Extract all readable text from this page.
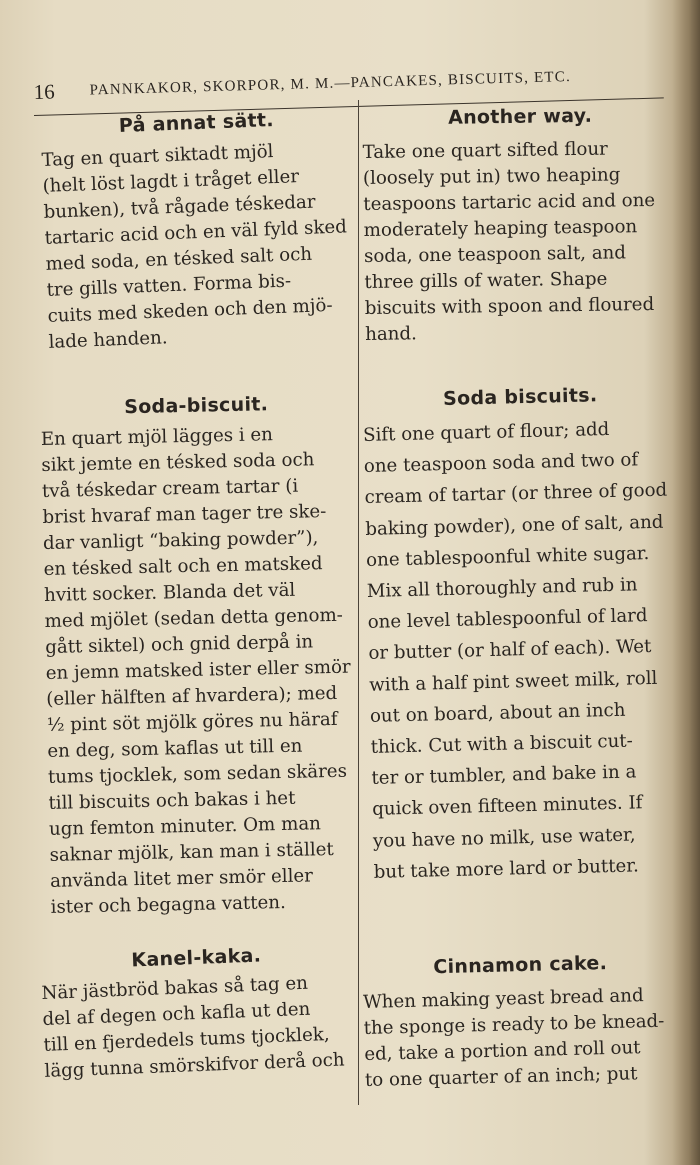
16 PANNKAKOR, SKORPOR, M. M.—PANCAKES, BISCUITS, ETC.
På annat sätt.

Tag en quart siktadt mjöl
(helt löst lagdt i tråget eller
bunken), två rågade téskedar
tartaric acid och en väl fyld sked
med soda, en tésked salt och
tre gills vatten. Forma bis-
cuits med skeden och den mjö-
lade handen.

Soda-biscuit.

En quart mjöl lägges i en
sikt jemte en tésked soda och
två téskedar cream tartar (i
brist hvaraf man tager tre ske-
dar vanligt “baking powder”),
en tésked salt och en matsked
hvitt socker. Blanda det väl
med mjölet (sedan detta genom-
gått siktel) och gnid derpå in
en jemn matsked ister eller smör
(eller hälften af hvardera); med
½ pint söt mjölk göres nu häraf
en deg, som kaflas ut till en
tums tjocklek, som sedan skäres
till biscuits och bakas i het
ugn femton minuter. Om man
saknar mjölk, kan man i stället
använda litet mer smör eller
ister och begagna vatten.

Kanel-kaka.

När jästbröd bakas så tag en
del af degen och kafla ut den
till en fjerdedels tums tjocklek,
lägg tunna smörskifvor derå och

Another way.

Take one quart sifted flour
(loosely put in) two heaping
teaspoons tartaric acid and one
moderately heaping teaspoon
soda, one teaspoon salt, and
three gills of water. Shape
biscuits with spoon and floured
hand.

Soda biscuits.

Sift one quart of flour; add
one teaspoon soda and two of
cream of tartar (or three of good
baking powder), one of salt, and
one tablespoonful white sugar.
Mix all thoroughly and rub in
one level tablespoonful of lard
or butter (or half of each). Wet
with a half pint sweet milk, roll
out on board, about an inch
thick. Cut with a biscuit cut-
ter or tumbler, and bake in a
quick oven fifteen minutes. If
you have no milk, use water,
but take more lard or butter.

Cinnamon cake.

When making yeast bread and
the sponge is ready to be knead-
ed, take a portion and roll out
to one quarter of an inch; put
